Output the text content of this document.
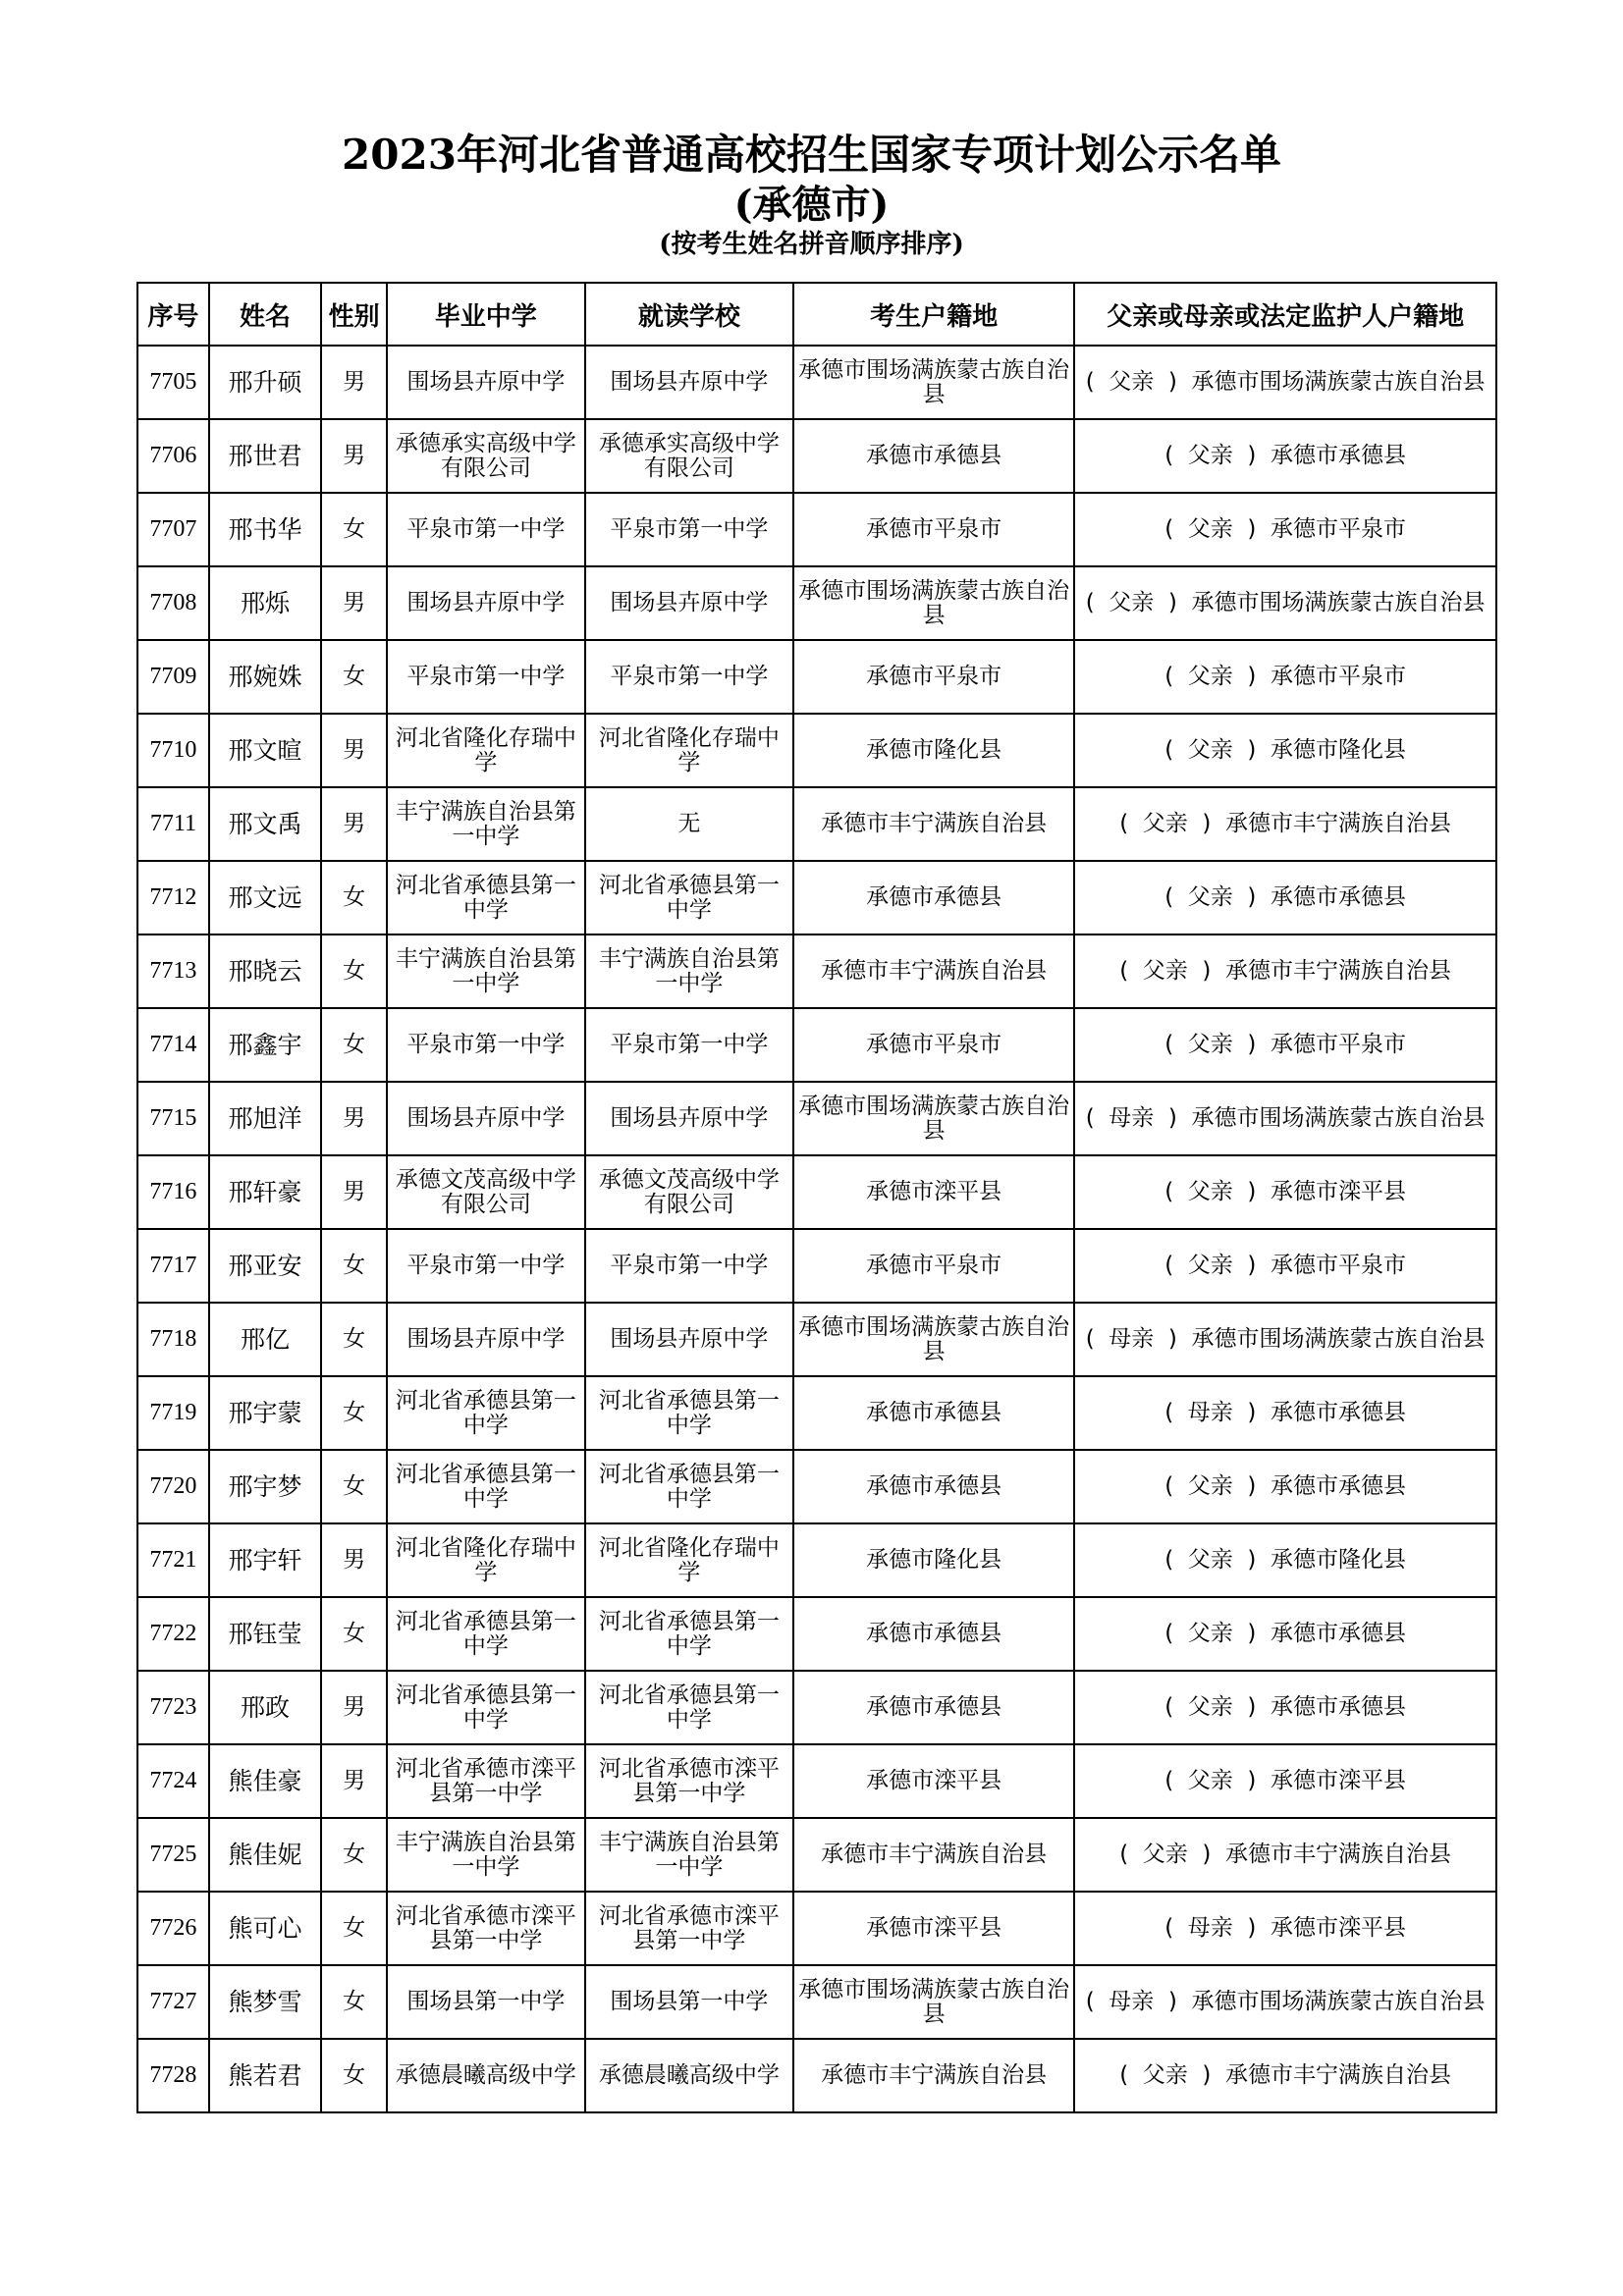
2023年河北省普通高校招生国家专项计划公示名单
(承德市)
(按考生姓名拼音顺序排序)
序号	姓名	性别	毕业中学	就读学校	考生户籍地	父亲或母亲或法定监护人户籍地
7705	邢升硕	男	围场县卉原中学	围场县卉原中学	承德市围场满族蒙古族自治县	(  父亲  )  承德市围场满族蒙古族自治县
7706	邢世君	男	承德承实高级中学有限公司	承德承实高级中学有限公司	承德市承德县	(  父亲  )  承德市承德县
7707	邢书华	女	平泉市第一中学	平泉市第一中学	承德市平泉市	(  父亲  )  承德市平泉市
7708	邢烁	男	围场县卉原中学	围场县卉原中学	承德市围场满族蒙古族自治县	(  父亲  )  承德市围场满族蒙古族自治县
7709	邢婉姝	女	平泉市第一中学	平泉市第一中学	承德市平泉市	(  父亲  )  承德市平泉市
7710	邢文暄	男	河北省隆化存瑞中学	河北省隆化存瑞中学	承德市隆化县	(  父亲  )  承德市隆化县
7711	邢文禹	男	丰宁满族自治县第一中学	无	承德市丰宁满族自治县	(  父亲  )  承德市丰宁满族自治县
7712	邢文远	女	河北省承德县第一中学	河北省承德县第一中学	承德市承德县	(  父亲  )  承德市承德县
7713	邢晓云	女	丰宁满族自治县第一中学	丰宁满族自治县第一中学	承德市丰宁满族自治县	(  父亲  )  承德市丰宁满族自治县
7714	邢鑫宇	女	平泉市第一中学	平泉市第一中学	承德市平泉市	(  父亲  )  承德市平泉市
7715	邢旭洋	男	围场县卉原中学	围场县卉原中学	承德市围场满族蒙古族自治县	(  母亲  )  承德市围场满族蒙古族自治县
7716	邢轩豪	男	承德文茂高级中学有限公司	承德文茂高级中学有限公司	承德市滦平县	(  父亲  )  承德市滦平县
7717	邢亚安	女	平泉市第一中学	平泉市第一中学	承德市平泉市	(  父亲  )  承德市平泉市
7718	邢亿	女	围场县卉原中学	围场县卉原中学	承德市围场满族蒙古族自治县	(  母亲  )  承德市围场满族蒙古族自治县
7719	邢宇蒙	女	河北省承德县第一中学	河北省承德县第一中学	承德市承德县	(  母亲  )  承德市承德县
7720	邢宇梦	女	河北省承德县第一中学	河北省承德县第一中学	承德市承德县	(  父亲  )  承德市承德县
7721	邢宇轩	男	河北省隆化存瑞中学	河北省隆化存瑞中学	承德市隆化县	(  父亲  )  承德市隆化县
7722	邢钰莹	女	河北省承德县第一中学	河北省承德县第一中学	承德市承德县	(  父亲  )  承德市承德县
7723	邢政	男	河北省承德县第一中学	河北省承德县第一中学	承德市承德县	(  父亲  )  承德市承德县
7724	熊佳豪	男	河北省承德市滦平县第一中学	河北省承德市滦平县第一中学	承德市滦平县	(  父亲  )  承德市滦平县
7725	熊佳妮	女	丰宁满族自治县第一中学	丰宁满族自治县第一中学	承德市丰宁满族自治县	(  父亲  )  承德市丰宁满族自治县
7726	熊可心	女	河北省承德市滦平县第一中学	河北省承德市滦平县第一中学	承德市滦平县	(  母亲  )  承德市滦平县
7727	熊梦雪	女	围场县第一中学	围场县第一中学	承德市围场满族蒙古族自治县	(  母亲  )  承德市围场满族蒙古族自治县
7728	熊若君	女	承德晨曦高级中学	承德晨曦高级中学	承德市丰宁满族自治县	(  父亲  )  承德市丰宁满族自治县
